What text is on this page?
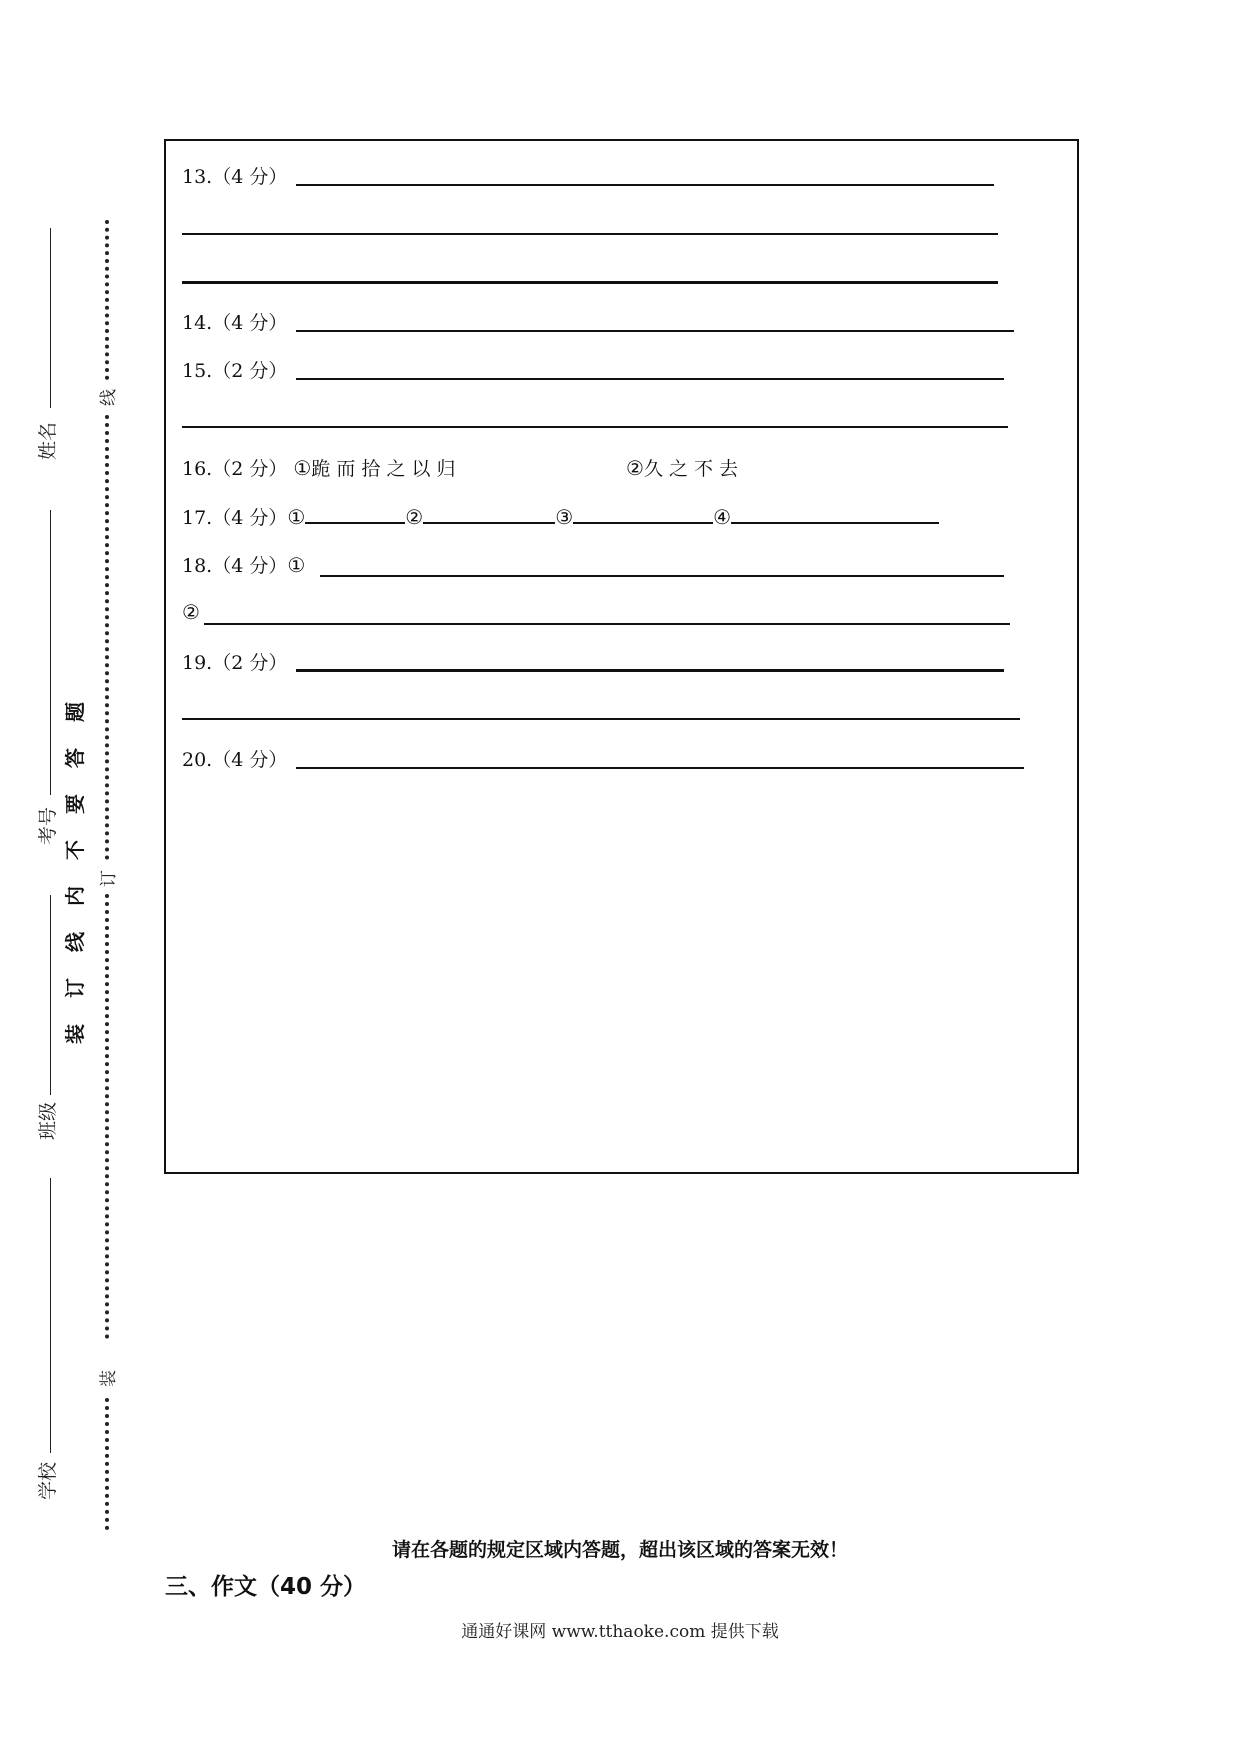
姓名
考号
班级
学校
线
订
装
题
答
要
不
内
线
订
装
13.（4 分）
14.（4 分）
15.（2 分）
16.（2 分） ①跪 而 拾 之 以 归	②久 之 不 去
17.（4 分）①	②	③	④
18.（4 分）①
②
19.（2 分）
20.（4 分）
请在各题的规定区域内答题，超出该区域的答案无效！
三、作文（40 分）
通通好课网 www.tthaoke.com 提供下载
